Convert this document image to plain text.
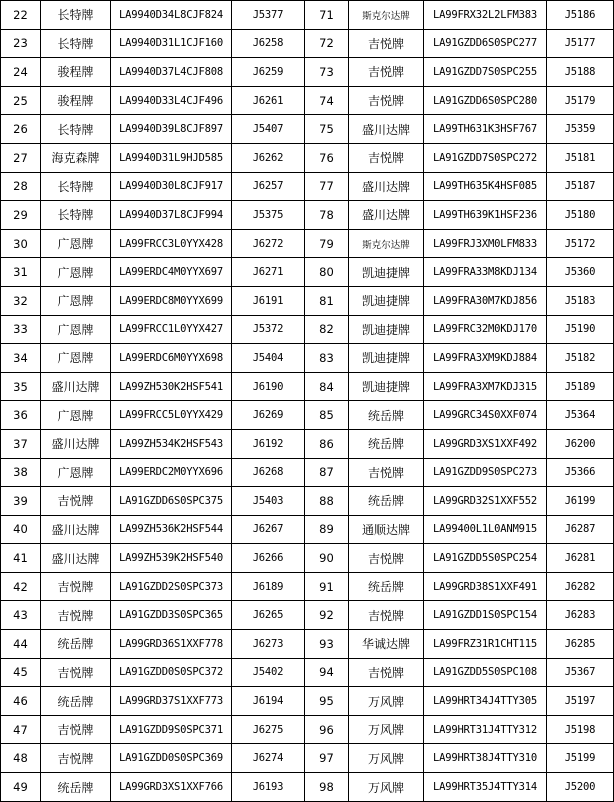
22	长特牌	LA9940D34L8CJF824	J5377	71	斯克尔达牌	LA99FRX32L2LFM383	J5186
23	长特牌	LA9940D31L1CJF160	J6258	72	吉悦牌	LA91GZDD6S0SPC277	J5177
24	骏程牌	LA9940D37L4CJF808	J6259	73	吉悦牌	LA91GZDD7S0SPC255	J5188
25	骏程牌	LA9940D33L4CJF496	J6261	74	吉悦牌	LA91GZDD6S0SPC280	J5179
26	长特牌	LA9940D39L8CJF897	J5407	75	盛川达牌	LA99TH631K3HSF767	J5359
27	海克森牌	LA9940D31L9HJD585	J6262	76	吉悦牌	LA91GZDD7S0SPC272	J5181
28	长特牌	LA9940D30L8CJF917	J6257	77	盛川达牌	LA99TH635K4HSF085	J5187
29	长特牌	LA9940D37L8CJF994	J5375	78	盛川达牌	LA99TH639K1HSF236	J5180
30	广恩牌	LA99FRCC3L0YYX428	J6272	79	斯克尔达牌	LA99FRJ3XM0LFM833	J5172
31	广恩牌	LA99ERDC4M0YYX697	J6271	80	凯迪捷牌	LA99FRA33M8KDJ134	J5360
32	广恩牌	LA99ERDC8M0YYX699	J6191	81	凯迪捷牌	LA99FRA30M7KDJ856	J5183
33	广恩牌	LA99FRCC1L0YYX427	J5372	82	凯迪捷牌	LA99FRC32M0KDJ170	J5190
34	广恩牌	LA99ERDC6M0YYX698	J5404	83	凯迪捷牌	LA99FRA3XM9KDJ884	J5182
35	盛川达牌	LA99ZH530K2HSF541	J6190	84	凯迪捷牌	LA99FRA3XM7KDJ315	J5189
36	广恩牌	LA99FRCC5L0YYX429	J6269	85	统岳牌	LA99GRC34S0XXF074	J5364
37	盛川达牌	LA99ZH534K2HSF543	J6192	86	统岳牌	LA99GRD3XS1XXF492	J6200
38	广恩牌	LA99ERDC2M0YYX696	J6268	87	吉悦牌	LA91GZDD9S0SPC273	J5366
39	吉悦牌	LA91GZDD6S0SPC375	J5403	88	统岳牌	LA99GRD32S1XXF552	J6199
40	盛川达牌	LA99ZH536K2HSF544	J6267	89	通顺达牌	LA99400L1L0ANM915	J6287
41	盛川达牌	LA99ZH539K2HSF540	J6266	90	吉悦牌	LA91GZDD5S0SPC254	J6281
42	吉悦牌	LA91GZDD2S0SPC373	J6189	91	统岳牌	LA99GRD38S1XXF491	J6282
43	吉悦牌	LA91GZDD3S0SPC365	J6265	92	吉悦牌	LA91GZDD1S0SPC154	J6283
44	统岳牌	LA99GRD36S1XXF778	J6273	93	华诚达牌	LA99FRZ31R1CHT115	J6285
45	吉悦牌	LA91GZDD0S0SPC372	J5402	94	吉悦牌	LA91GZDD5S0SPC108	J5367
46	统岳牌	LA99GRD37S1XXF773	J6194	95	万风牌	LA99HRT34J4TTY305	J5197
47	吉悦牌	LA91GZDD9S0SPC371	J6275	96	万风牌	LA99HRT31J4TTY312	J5198
48	吉悦牌	LA91GZDD0S0SPC369	J6274	97	万风牌	LA99HRT38J4TTY310	J5199
49	统岳牌	LA99GRD3XS1XXF766	J6193	98	万风牌	LA99HRT35J4TTY314	J5200
